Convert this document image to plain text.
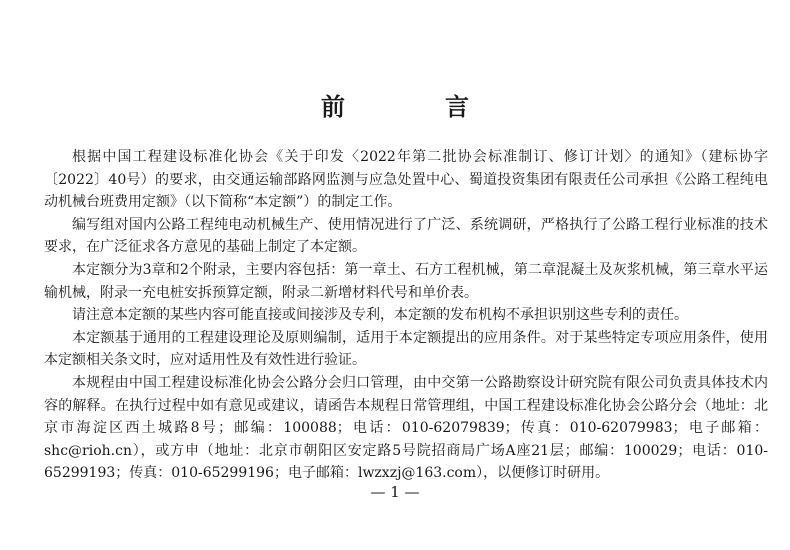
前　言

根据中国工程建设标准化协会《关于印发〈2022年第二批协会标准制订、修订计划〉的通知》（建标协字〔2022〕40号）的要求，由交通运输部路网监测与应急处置中心、蜀道投资集团有限责任公司承担《公路工程纯电动机械台班费用定额》（以下简称“本定额”）的制定工作。

编写组对国内公路工程纯电动机械生产、使用情况进行了广泛、系统调研，严格执行了公路工程行业标准的技术要求，在广泛征求各方意见的基础上制定了本定额。

本定额分为3章和2个附录，主要内容包括：第一章土、石方工程机械，第二章混凝土及灰浆机械，第三章水平运输机械，附录一充电桩安拆预算定额，附录二新增材料代号和单价表。

请注意本定额的某些内容可能直接或间接涉及专利，本定额的发布机构不承担识别这些专利的责任。

本定额基于通用的工程建设理论及原则编制，适用于本定额提出的应用条件。对于某些特定专项应用条件，使用本定额相关条文时，应对适用性及有效性进行验证。

本规程由中国工程建设标准化协会公路分会归口管理，由中交第一公路勘察设计研究院有限公司负责具体技术内容的解释。在执行过程中如有意见或建议，请函告本规程日常管理组，中国工程建设标准化协会公路分会（地址：北京市海淀区西土城路8号；邮编：100088；电话：010-62079839；传真：010-62079983；电子邮箱：shc@rioh.cn），或方申（地址：北京市朝阳区安定路5号院招商局广场A座21层；邮编：100029；电话：010-65299193；传真：010-65299196；电子邮箱：lwzxzj@163.com），以便修订时研用。

— 1 —
